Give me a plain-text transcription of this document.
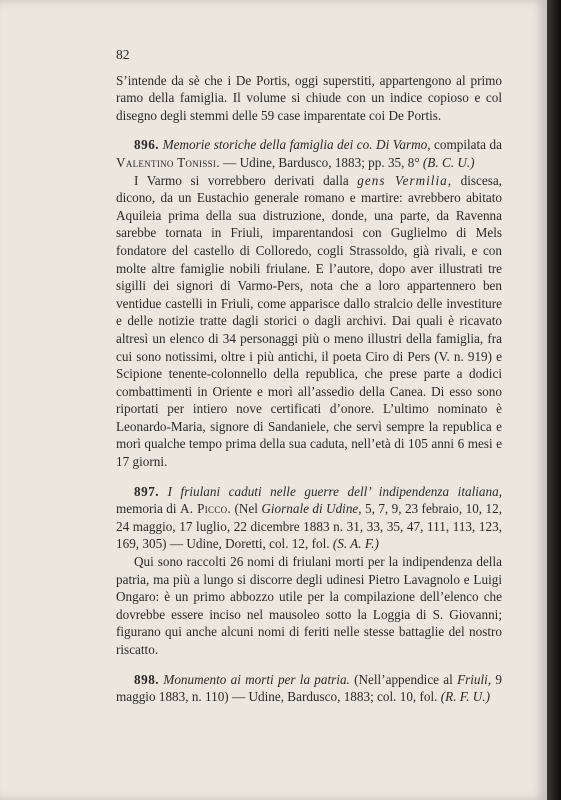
82

S’intende da sè che i De Portis, oggi superstiti, appartengono al primo ramo della famiglia. Il volume si chiude con un indice copioso e col disegno degli stemmi delle 59 case imparentate coi De Portis.

896. Memorie storiche della famiglia dei co. Di Varmo, compilata da Valentino Tonissi. — Udine, Bardusco, 1883; pp. 35, 8° (B. C. U.)

I Varmo si vorrebbero derivati dalla gens Vermilia, discesa, dicono, da un Eustachio generale romano e martire: avrebbero abitato Aquileia prima della sua distruzione, donde, una parte, da Ravenna sarebbe tornata in Friuli, imparentandosi con Guglielmo di Mels fondatore del castello di Colloredo, cogli Strassoldo, già rivali, e con molte altre famiglie nobili friulane. E l’autore, dopo aver illustrati tre sigilli dei signori di Varmo-Pers, nota che a loro appartennero ben ventidue castelli in Friuli, come apparisce dallo stralcio delle investiture e delle notizie tratte dagli storici o dagli archivi. Dai quali è ricavato altresì un elenco di 34 personaggi più o meno illustri della famiglia, fra cui sono notissimi, oltre i più antichi, il poeta Ciro di Pers (V. n. 919) e Scipione tenente-colonnello della republica, che prese parte a dodici combattimenti in Oriente e morì all’assedio della Canea. Di esso sono riportati per intiero nove certificati d’onore. L’ultimo nominato è Leonardo-Maria, signore di Sandaniele, che servì sempre la republica e morì qualche tempo prima della sua caduta, nell’età di 105 anni 6 mesi e 17 giorni.

897. I friulani caduti nelle guerre dell’ indipendenza italiana, memoria di A. Picco. (Nel Giornale di Udine, 5, 7, 9, 23 febraio, 10, 12, 24 maggio, 17 luglio, 22 dicembre 1883 n. 31, 33, 35, 47, 111, 113, 123, 169, 305) — Udine, Doretti, col. 12, fol. (S. A. F.)

Qui sono raccolti 26 nomi di friulani morti per la indipendenza della patria, ma più a lungo si discorre degli udinesi Pietro Lavagnolo e Luigi Ongaro: è un primo abbozzo utile per la compilazione dell’elenco che dovrebbe essere inciso nel mausoleo sotto la Loggia di S. Giovanni; figurano qui anche alcuni nomi di feriti nelle stesse battaglie del nostro riscatto.

898. Monumento ai morti per la patria. (Nell’appendice al Friuli, 9 maggio 1883, n. 110) — Udine, Bardusco, 1883; col. 10, fol. (R. F. U.)
